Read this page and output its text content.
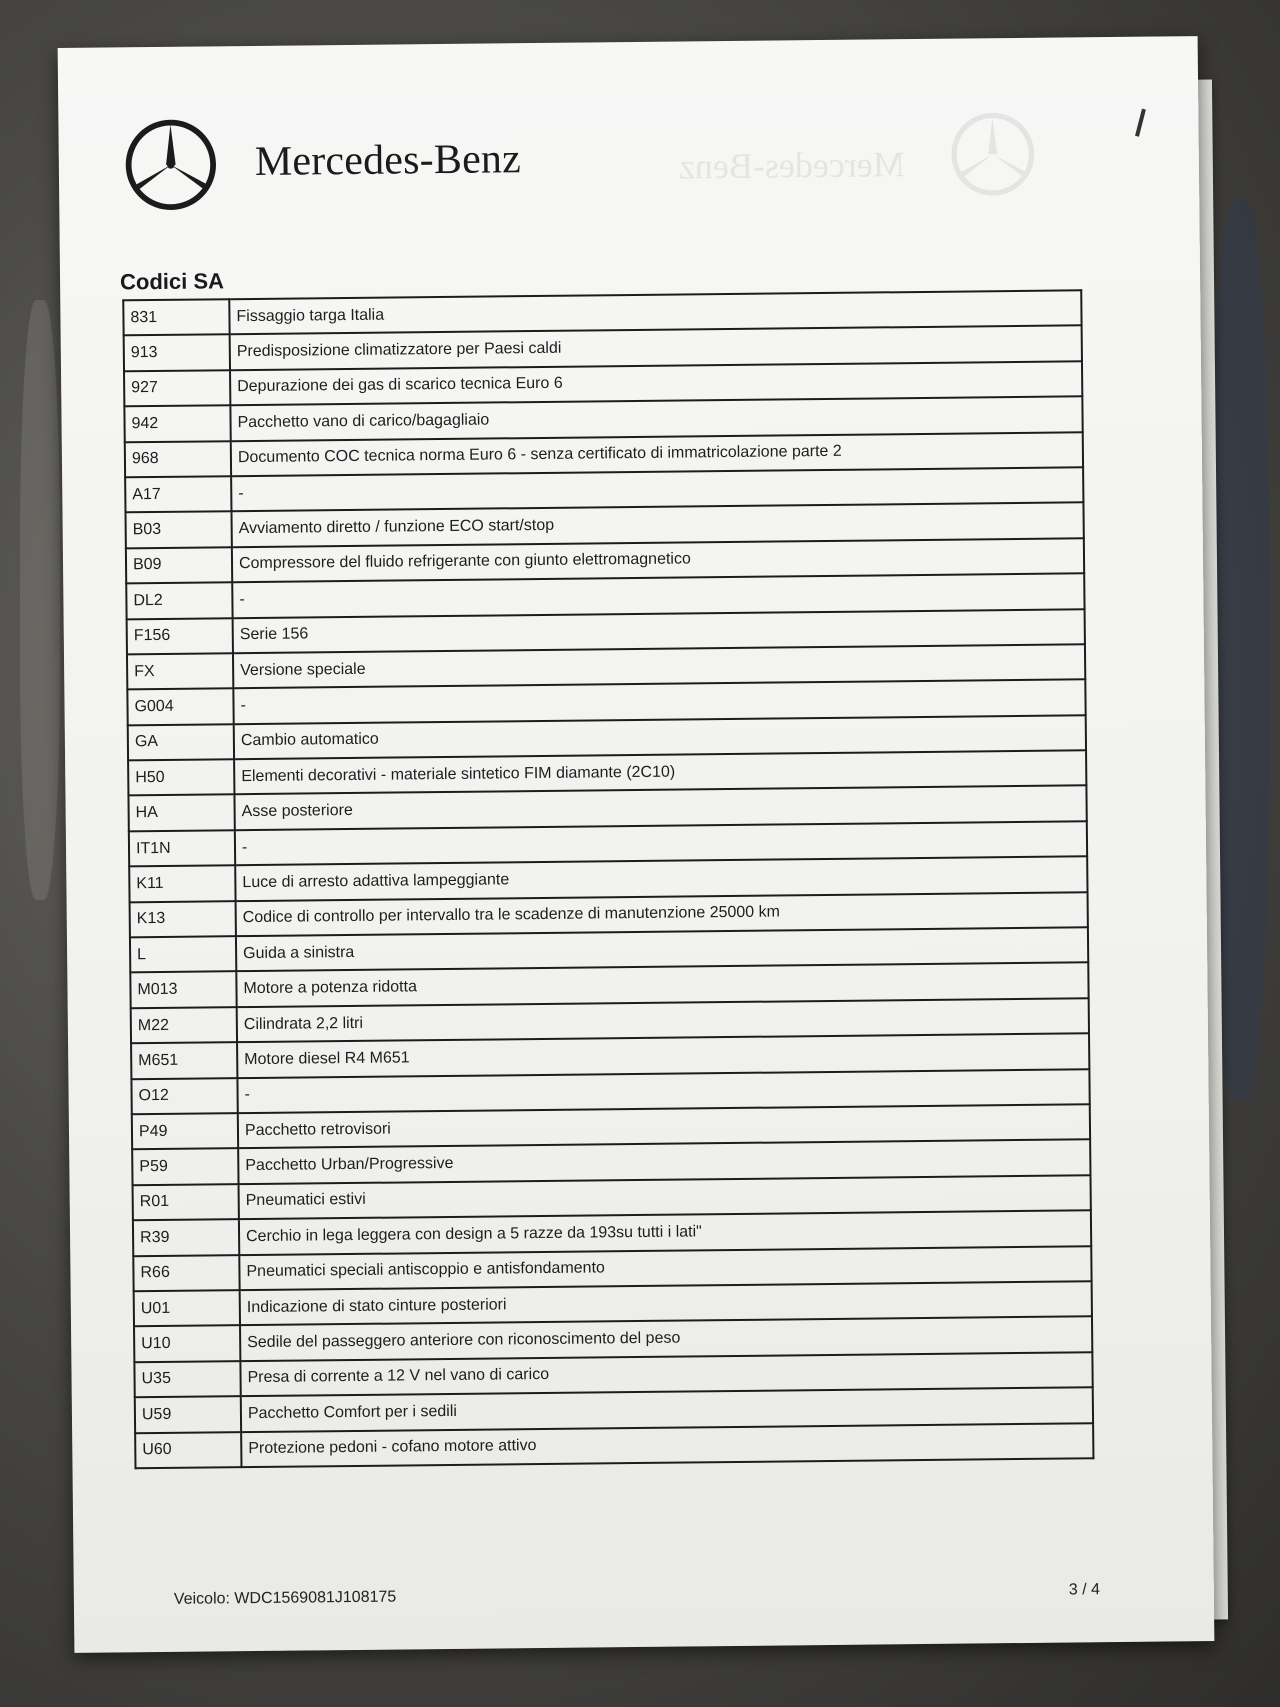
Mercedes-Benz	Mercedes-Benz
Codici SA
831	Fissaggio targa Italia
913	Predisposizione climatizzatore per Paesi caldi
927	Depurazione dei gas di scarico tecnica Euro 6
942	Pacchetto vano di carico/bagagliaio
968	Documento COC tecnica norma Euro 6 - senza certificato di immatricolazione parte 2
A17	-
B03	Avviamento diretto / funzione ECO start/stop
B09	Compressore del fluido refrigerante con giunto elettromagnetico
DL2	-
F156	Serie 156
FX	Versione speciale
G004	-
GA	Cambio automatico
H50	Elementi decorativi - materiale sintetico FIM diamante (2C10)
HA	Asse posteriore
IT1N	-
K11	Luce di arresto adattiva lampeggiante
K13	Codice di controllo per intervallo tra le scadenze di manutenzione 25000 km
L	Guida a sinistra
M013	Motore a potenza ridotta
M22	Cilindrata 2,2 litri
M651	Motore diesel R4 M651
O12	-
P49	Pacchetto retrovisori
P59	Pacchetto Urban/Progressive
R01	Pneumatici estivi
R39	Cerchio in lega leggera con design a 5 razze da 193su tutti i lati"
R66	Pneumatici speciali antiscoppio e antisfondamento
U01	Indicazione di stato cinture posteriori
U10	Sedile del passeggero anteriore con riconoscimento del peso
U35	Presa di corrente a 12 V nel vano di carico
U59	Pacchetto Comfort per i sedili
U60	Protezione pedoni - cofano motore attivo
Veicolo: WDC1569081J108175	3 / 4
